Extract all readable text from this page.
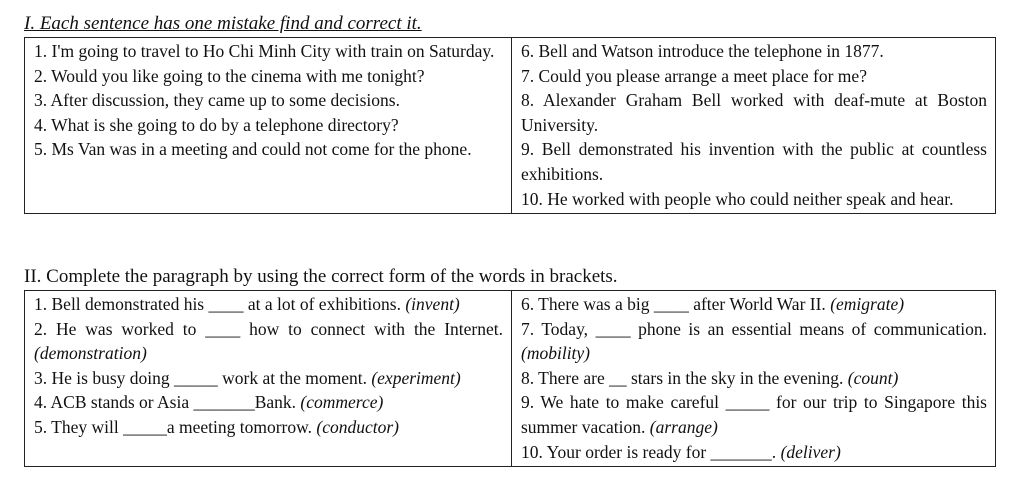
I. Each sentence has one mistake find and correct it.
1. I'm going to travel to Ho Chi Minh City with train on Saturday.
2. Would you like going to the cinema with me tonight?
3. After discussion, they came up to some decisions.
4. What is she going to do by a telephone directory?
5. Ms Van was in a meeting and could not come for the phone.

6. Bell and Watson introduce the telephone in 1877.
7. Could you please arrange a meet place for me?
8. Alexander Graham Bell worked with deaf-mute at Boston University.
9. Bell demonstrated his invention with the public at countless exhibitions.
10. He worked with people who could neither speak and hear.
II. Complete the paragraph by using the correct form of the words in brackets.
1. Bell demonstrated his ____ at a lot of exhibitions. (invent)
2. He was worked to ____ how to connect with the Internet. (demonstration)
3. He is busy doing _____ work at the moment. (experiment)
4. ACB stands or Asia _______Bank. (commerce)
5. They will _____a meeting tomorrow. (conductor)

6. There was a big ____ after World War II. (emigrate)
7. Today, ____ phone is an essential means of communication. (mobility)
8. There are __ stars in the sky in the evening. (count)
9. We hate to make careful _____ for our trip to Singapore this summer vacation. (arrange)
10. Your order is ready for _______. (deliver)
